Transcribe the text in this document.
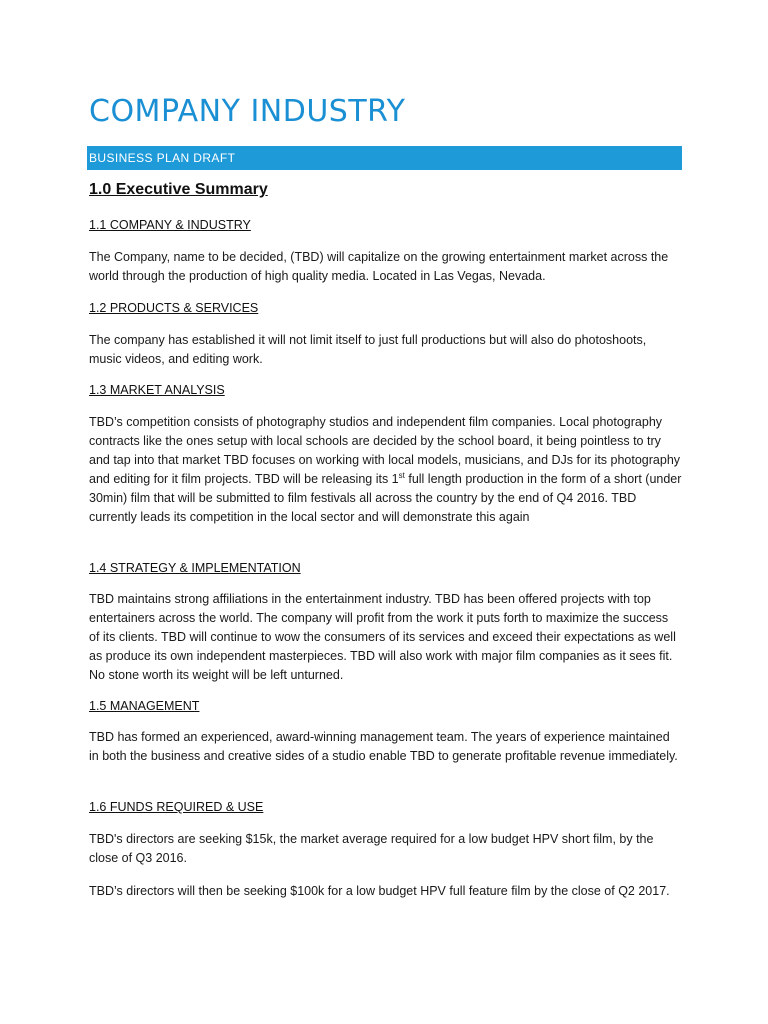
COMPANY INDUSTRY
BUSINESS PLAN DRAFT
1.0 Executive Summary
1.1 COMPANY & INDUSTRY

The Company, name to be decided, (TBD) will capitalize on the growing entertainment market across the world through the production of high quality media. Located in Las Vegas, Nevada.

1.2 PRODUCTS & SERVICES

The company has established it will not limit itself to just full productions but will also do photoshoots, music videos, and editing work.

1.3 MARKET ANALYSIS

TBD’s competition consists of photography studios and independent film companies. Local photography contracts like the ones setup with local schools are decided by the school board, it being pointless to try and tap into that market TBD focuses on working with local models, musicians, and DJs for its photography and editing for it film projects. TBD will be releasing its 1st full length production in the form of a short (under 30min) film that will be submitted to film festivals all across the country by the end of Q4 2016. TBD currently leads its competition in the local sector and will demonstrate this again

1.4 STRATEGY & IMPLEMENTATION

TBD maintains strong affiliations in the entertainment industry. TBD has been offered projects with top entertainers across the world. The company will profit from the work it puts forth to maximize the success of its clients. TBD will continue to wow the consumers of its services and exceed their expectations as well as produce its own independent masterpieces. TBD will also work with major film companies as it sees fit. No stone worth its weight will be left unturned.

1.5 MANAGEMENT

TBD has formed an experienced, award-winning management team. The years of experience maintained in both the business and creative sides of a studio enable TBD to generate profitable revenue immediately.

1.6 FUNDS REQUIRED & USE

TBD's directors are seeking $15k, the market average required for a low budget HPV short film, by the close of Q3 2016.

TBD’s directors will then be seeking $100k for a low budget HPV full feature film by the close of Q2 2017.
